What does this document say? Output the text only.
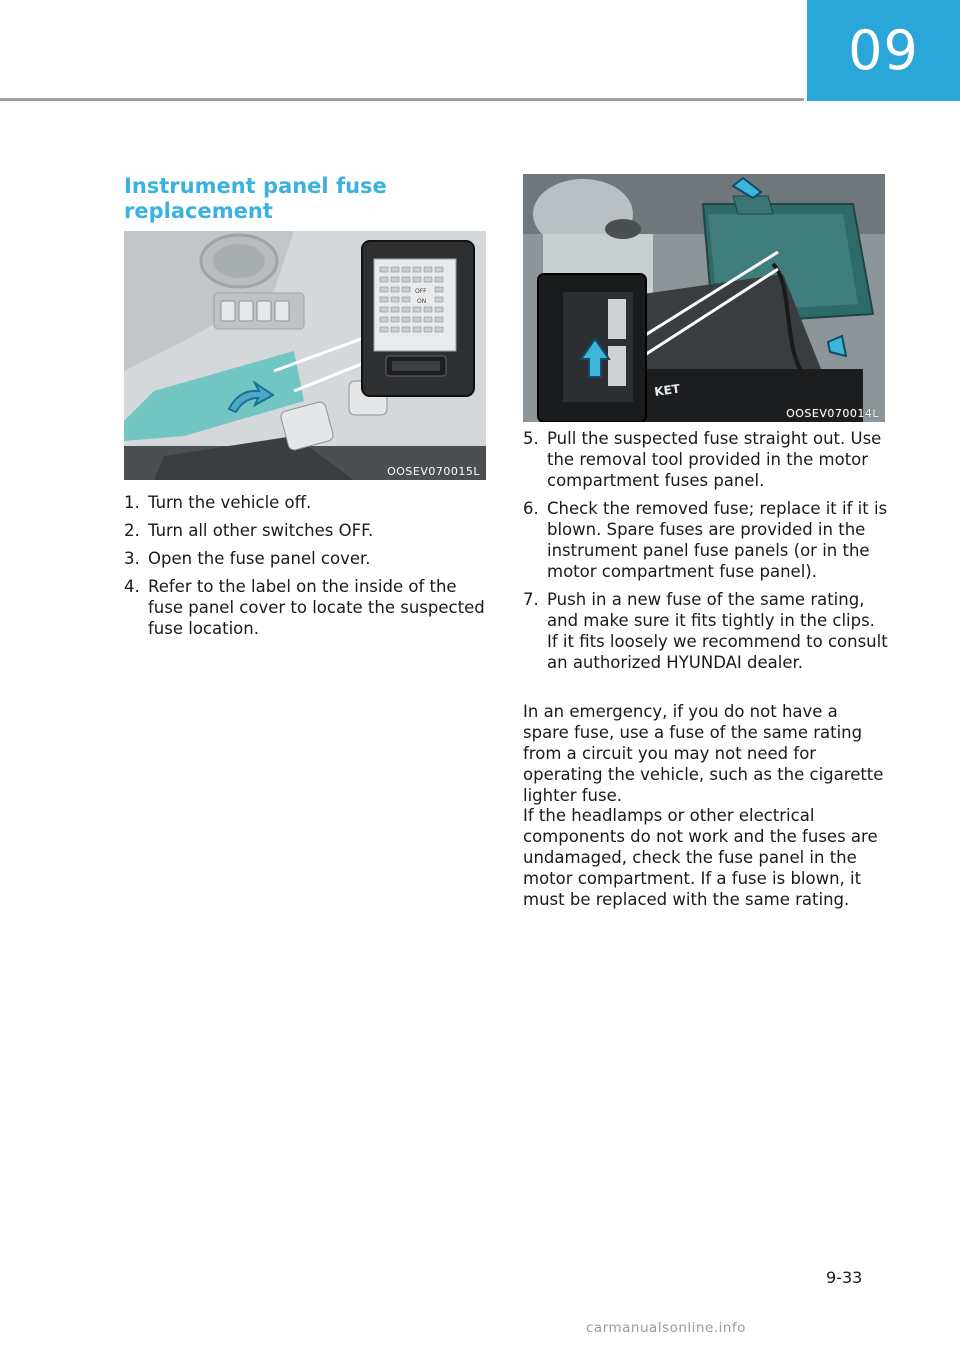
09
Instrument panel fuse replacement
OFF
ON
OOSEV070015L
KET
OOSEV070014L
1. Turn the vehicle off.
2. Turn all other switches OFF.
3. Open the fuse panel cover.
4. Refer to the label on the inside of the fuse panel cover to locate the suspected fuse location.
5. Pull the suspected fuse straight out. Use the removal tool provided in the motor compartment fuses panel.
6. Check the removed fuse; replace it if it is blown. Spare fuses are provided in the instrument panel fuse panels (or in the motor compartment fuse panel).
7. Push in a new fuse of the same rating, and make sure it fits tightly in the clips. If it fits loosely we recommend to consult an authorized HYUNDAI dealer.

In an emergency, if you do not have a spare fuse, use a fuse of the same rating from a circuit you may not need for operating the vehicle, such as the cigarette lighter fuse.

If the headlamps or other electrical components do not work and the fuses are undamaged, check the fuse panel in the motor compartment. If a fuse is blown, it must be replaced with the same rating.

9-33
carmanualsonline.info
